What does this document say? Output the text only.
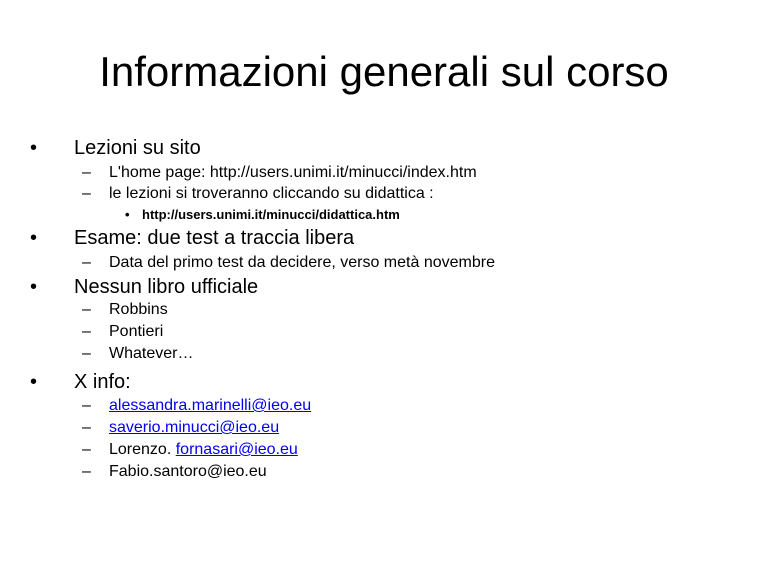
Informazioni generali sul corso
• Lezioni su sito
– L'home page: http://users.unimi.it/minucci/index.htm
– le lezioni si troveranno cliccando su didattica :
• http://users.unimi.it/minucci/didattica.htm
• Esame: due test a traccia libera
– Data del primo test da decidere, verso metà novembre
• Nessun libro ufficiale
– Robbins
– Pontieri
– Whatever…
• X info:
– alessandra.marinelli@ieo.eu
– saverio.minucci@ieo.eu
– Lorenzo. fornasari@ieo.eu
– Fabio.santoro@ieo.eu
